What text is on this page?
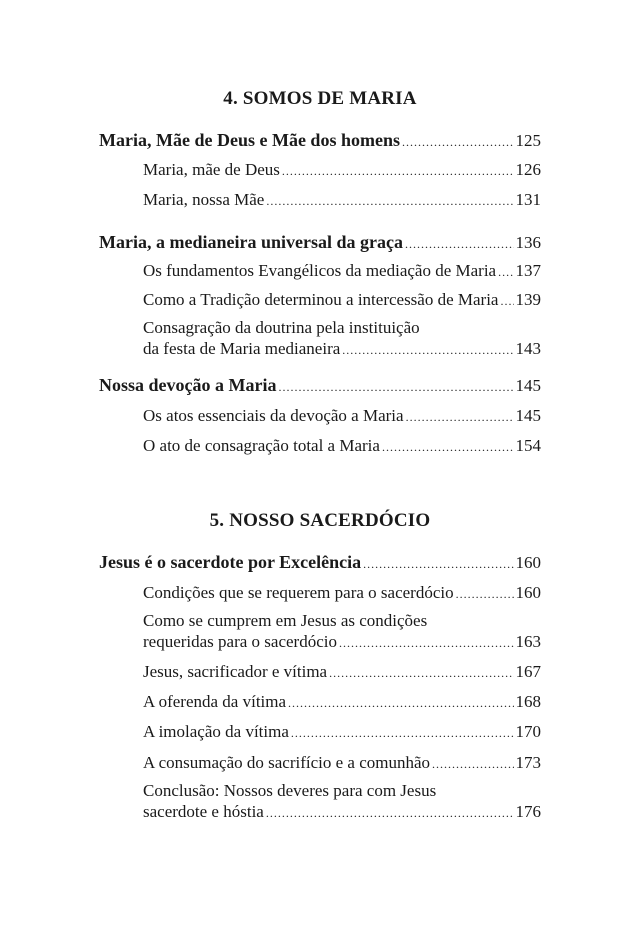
4. SOMOS DE MARIA
Maria, Mãe de Deus e Mãe dos homens .....	125
Maria, mãe de Deus .....	126
Maria, nossa Mãe .....	131
Maria, a medianeira universal da graça .....	136
Os fundamentos Evangélicos da mediação de Maria ..... 137
Como a Tradição determinou a intercessão de Maria ..... 139
Consagração da doutrina pela instituição
da festa de Maria medianeira .....	143
Nossa devoção a Maria .....	145
Os atos essenciais da devoção a Maria .....	145
O ato de consagração total a Maria .....	154
5. NOSSO SACERDÓCIO
Jesus é o sacerdote por Excelência .....	160
Condições que se requerem para o sacerdócio .....	160
Como se cumprem em Jesus as condições
requeridas para o sacerdócio .....	163
Jesus, sacrificador e vítima .....	167
A oferenda da vítima .....	168
A imolação da vítima .....	170
A consumação do sacrifício e a comunhão .....	173
Conclusão: Nossos deveres para com Jesus
sacerdote e hóstia .....	176
